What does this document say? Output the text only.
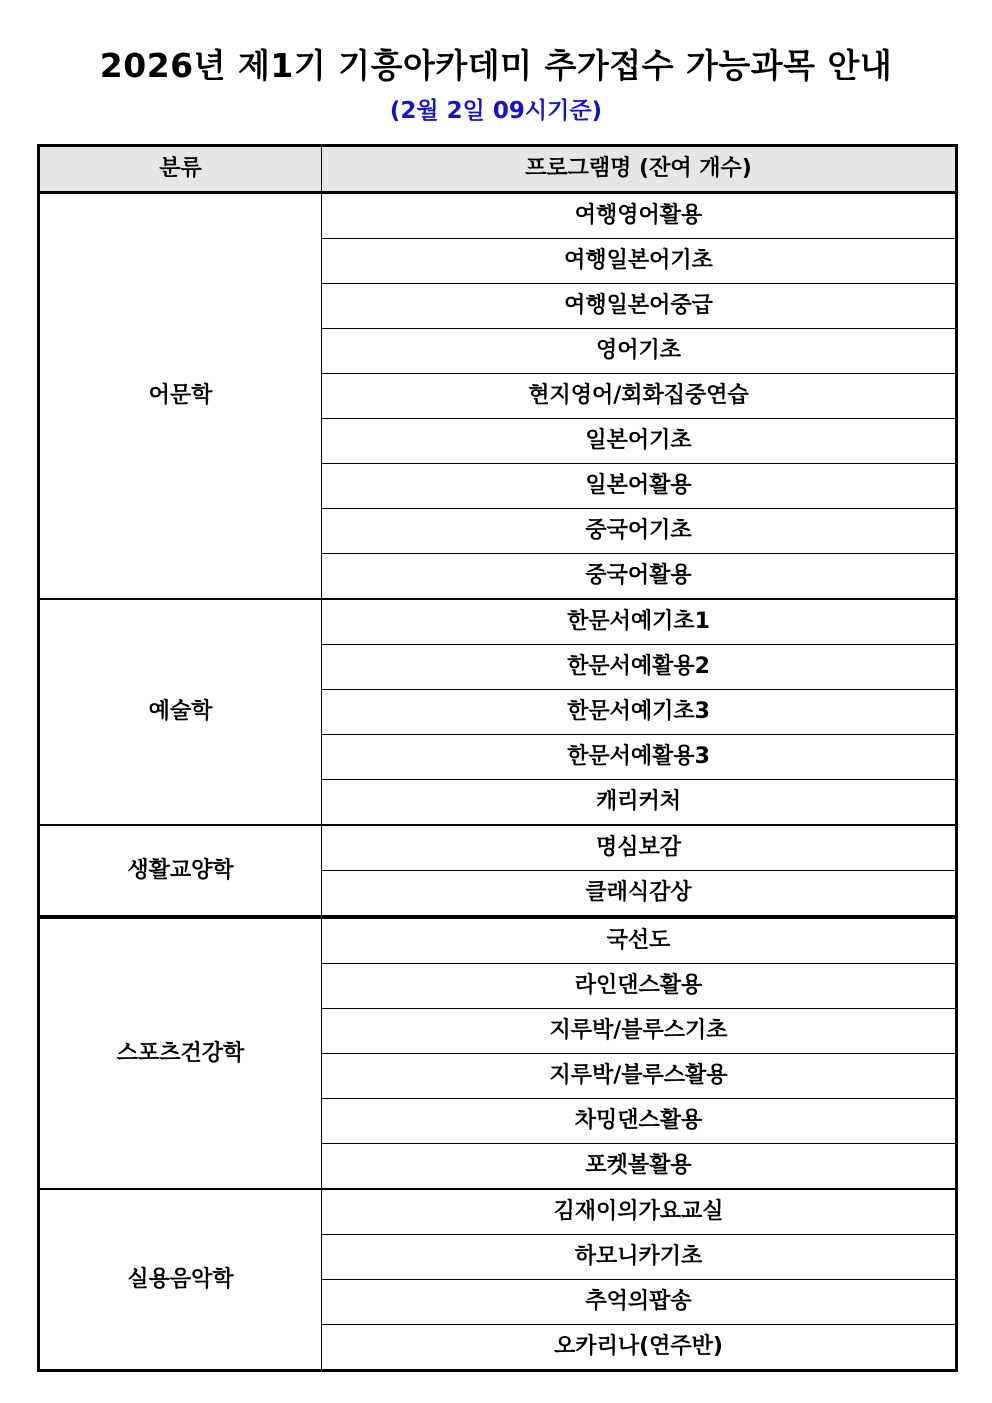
2026년 제1기 기흥아카데미 추가접수 가능과목 안내
(2월 2일 09시기준)
분류	프로그램명 (잔여 개수)
어문학	여행영어활용
	여행일본어기초
	여행일본어중급
	영어기초
	현지영어/회화집중연습
	일본어기초
	일본어활용
	중국어기초
	중국어활용
예술학	한문서예기초1
	한문서예활용2
	한문서예기초3
	한문서예활용3
	캐리커처
생활교양학	명심보감
	클래식감상
스포츠건강학	국선도
	라인댄스활용
	지루박/블루스기초
	지루박/블루스활용
	차밍댄스활용
	포켓볼활용
실용음악학	김재이의가요교실
	하모니카기초
	추억의팝송
	오카리나(연주반)
